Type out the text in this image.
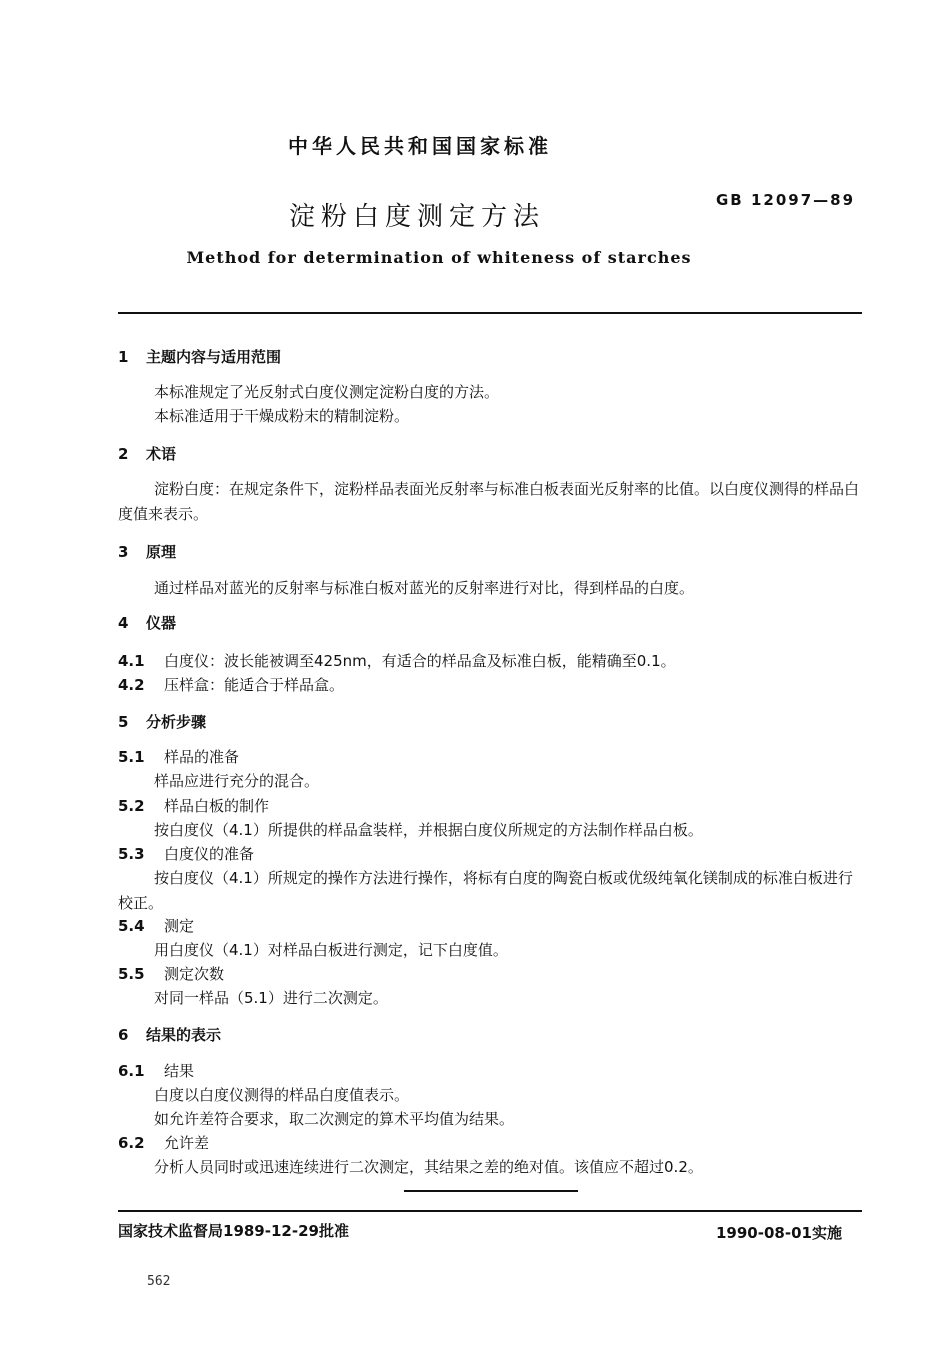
中华人民共和国国家标准
淀粉白度测定方法
GB 12097—89
Method for determination of whiteness of starches
1 主题内容与适用范围
本标准规定了光反射式白度仪测定淀粉白度的方法。
本标准适用于干燥成粉末的精制淀粉。
2 术语
淀粉白度：在规定条件下，淀粉样品表面光反射率与标准白板表面光反射率的比值。以白度仪测得的样品白度值来表示。
3 原理
通过样品对蓝光的反射率与标准白板对蓝光的反射率进行对比，得到样品的白度。
4 仪器
4.1 白度仪：波长能被调至425nm，有适合的样品盒及标准白板，能精确至0.1。
4.2 压样盒：能适合于样品盒。
5 分析步骤
5.1 样品的准备
样品应进行充分的混合。
5.2 样品白板的制作
按白度仪（4.1）所提供的样品盒装样，并根据白度仪所规定的方法制作样品白板。
5.3 白度仪的准备
按白度仪（4.1）所规定的操作方法进行操作，将标有白度的陶瓷白板或优级纯氧化镁制成的标准白板进行校正。
5.4 测定
用白度仪（4.1）对样品白板进行测定，记下白度值。
5.5 测定次数
对同一样品（5.1）进行二次测定。
6 结果的表示
6.1 结果
白度以白度仪测得的样品白度值表示。
如允许差符合要求，取二次测定的算术平均值为结果。
6.2 允许差
分析人员同时或迅速连续进行二次测定，其结果之差的绝对值。该值应不超过0.2。
国家技术监督局1989-12-29批准	1990-08-01实施
562
